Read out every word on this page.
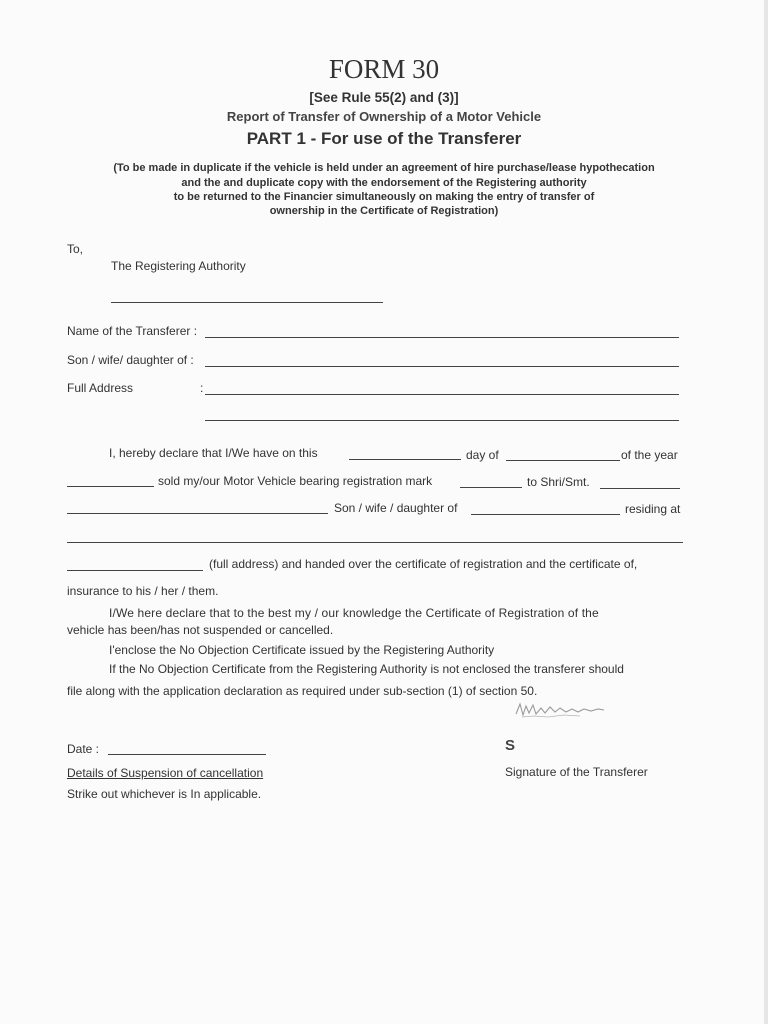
FORM 30
[See Rule 55(2) and (3)]
Report of Transfer of Ownership of a Motor Vehicle
PART 1 - For use of the Transferer
(To be made in duplicate if the vehicle is held under an agreement of hire purchase/lease hypothecation
and the and duplicate copy with the endorsement of the Registering authority
to be returned to the Financier simultaneously on making the entry of transfer of
ownership in the Certificate of Registration)
To,
The Registering Authority
Name of the Transferer :
Son / wife/ daughter of :
Full Address	:
I, hereby declare that I/We have on this	day of	of the year
sold my/our Motor Vehicle bearing registration mark	to Shri/Smt.
Son / wife / daughter of	residing at
(full address) and handed over the certificate of registration and the certificate of,
insurance to his / her / them.
I/We here declare that to the best my / our knowledge the Certificate of Registration of the
vehicle has been/has not suspended or cancelled.
I'enclose the No Objection Certificate issued by the Registering Authority
If the No Objection Certificate from the Registering Authority is not enclosed the transferer should
file along with the application declaration as required under sub-section (1) of section 50.
Date :	S
Details of Suspension of cancellation	Signature of the Transferer
Strike out whichever is In applicable.
